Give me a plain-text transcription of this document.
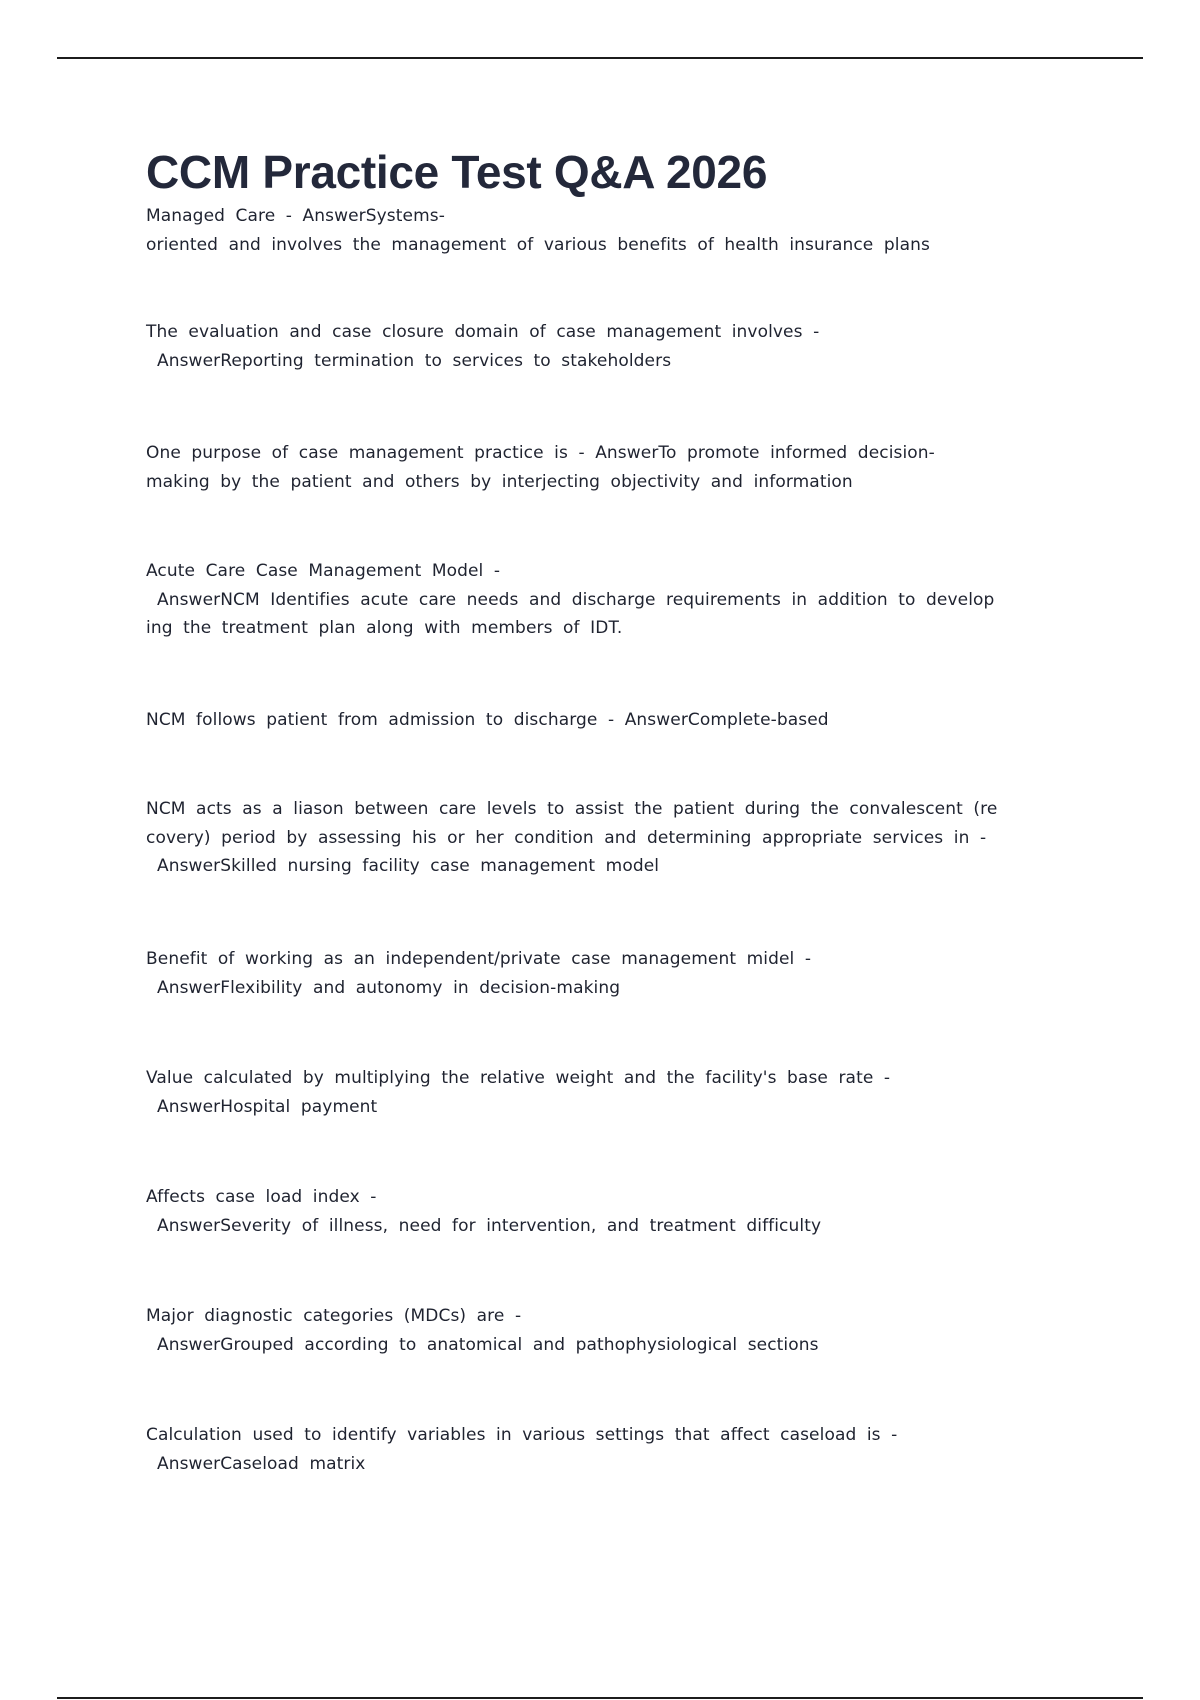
CCM Practice Test Q&A 2026
Managed Care - AnswerSystems-
oriented and involves the management of various benefits of health insurance plans
The evaluation and case closure domain of case management involves -
AnswerReporting termination to services to stakeholders
One purpose of case management practice is - AnswerTo promote informed decision-
making by the patient and others by interjecting objectivity and information
Acute Care Case Management Model -
AnswerNCM Identifies acute care needs and discharge requirements in addition to develop
ing the treatment plan along with members of IDT.
NCM follows patient from admission to discharge - AnswerComplete-based
NCM acts as a liason between care levels to assist the patient during the convalescent (re
covery) period by assessing his or her condition and determining appropriate services in -
AnswerSkilled nursing facility case management model
Benefit of working as an independent/private case management midel -
AnswerFlexibility and autonomy in decision-making
Value calculated by multiplying the relative weight and the facility's base rate -
AnswerHospital payment
Affects case load index -
AnswerSeverity of illness, need for intervention, and treatment difficulty
Major diagnostic categories (MDCs) are -
AnswerGrouped according to anatomical and pathophysiological sections
Calculation used to identify variables in various settings that affect caseload is -
AnswerCaseload matrix
